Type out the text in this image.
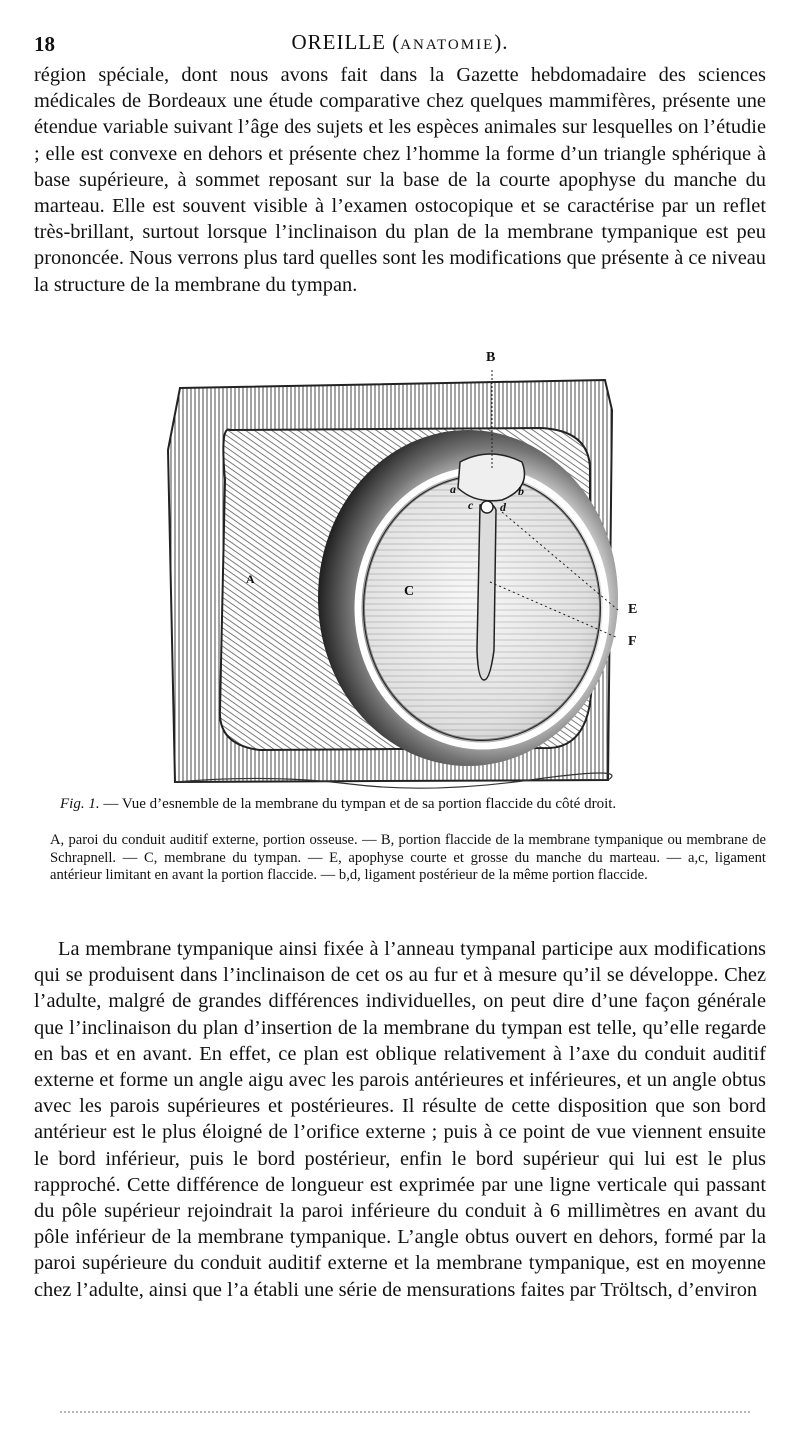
18	OREILLE (ANATOMIE).

région spéciale, dont nous avons fait dans la Gazette hebdomadaire des sciences médicales de Bordeaux une étude comparative chez quelques mammifères, présente une étendue variable suivant l’âge des sujets et les espèces animales sur lesquelles on l’étudie ; elle est convexe en dehors et présente chez l’homme la forme d’un triangle sphérique à base supérieure, à sommet reposant sur la base de la courte apophyse du manche du marteau. Elle est souvent visible à l’examen ostocopique et se caractérise par un reflet très-brillant, surtout lorsque l’inclinaison du plan de la membrane tympanique est peu prononcée. Nous verrons plus tard quelles sont les modifications que présente à ce niveau la structure de la membrane du tympan.

B
A
C
E
F
a	b
c d
Fig. 1. — Vue d’esnemble de la membrane du tympan et de sa portion flaccide du côté droit.

A, paroi du conduit auditif externe, portion osseuse. — B, portion flaccide de la membrane tympanique ou membrane de Schrapnell. — C, membrane du tympan. — E, apophyse courte et grosse du manche du marteau. — a,c, ligament antérieur limitant en avant la portion flaccide. — b,d, ligament postérieur de la même portion flaccide.

La membrane tympanique ainsi fixée à l’anneau tympanal participe aux modifications qui se produisent dans l’inclinaison de cet os au fur et à mesure qu’il se développe. Chez l’adulte, malgré de grandes différences individuelles, on peut dire d’une façon générale que l’inclinaison du plan d’insertion de la membrane du tympan est telle, qu’elle regarde en bas et en avant. En effet, ce plan est oblique relativement à l’axe du conduit auditif externe et forme un angle aigu avec les parois antérieures et inférieures, et un angle obtus avec les parois supérieures et postérieures. Il résulte de cette disposition que son bord antérieur est le plus éloigné de l’orifice externe ; puis à ce point de vue viennent ensuite le bord inférieur, puis le bord postérieur, enfin le bord supérieur qui lui est le plus rapproché. Cette différence de longueur est exprimée par une ligne verticale qui passant du pôle supérieur rejoindrait la paroi inférieure du conduit à 6 millimètres en avant du pôle inférieur de la membrane tympanique. L’angle obtus ouvert en dehors, formé par la paroi supérieure du conduit auditif externe et la membrane tympanique, est en moyenne chez l’adulte, ainsi que l’a établi une série de mensurations faites par Tröltsch, d’environ
